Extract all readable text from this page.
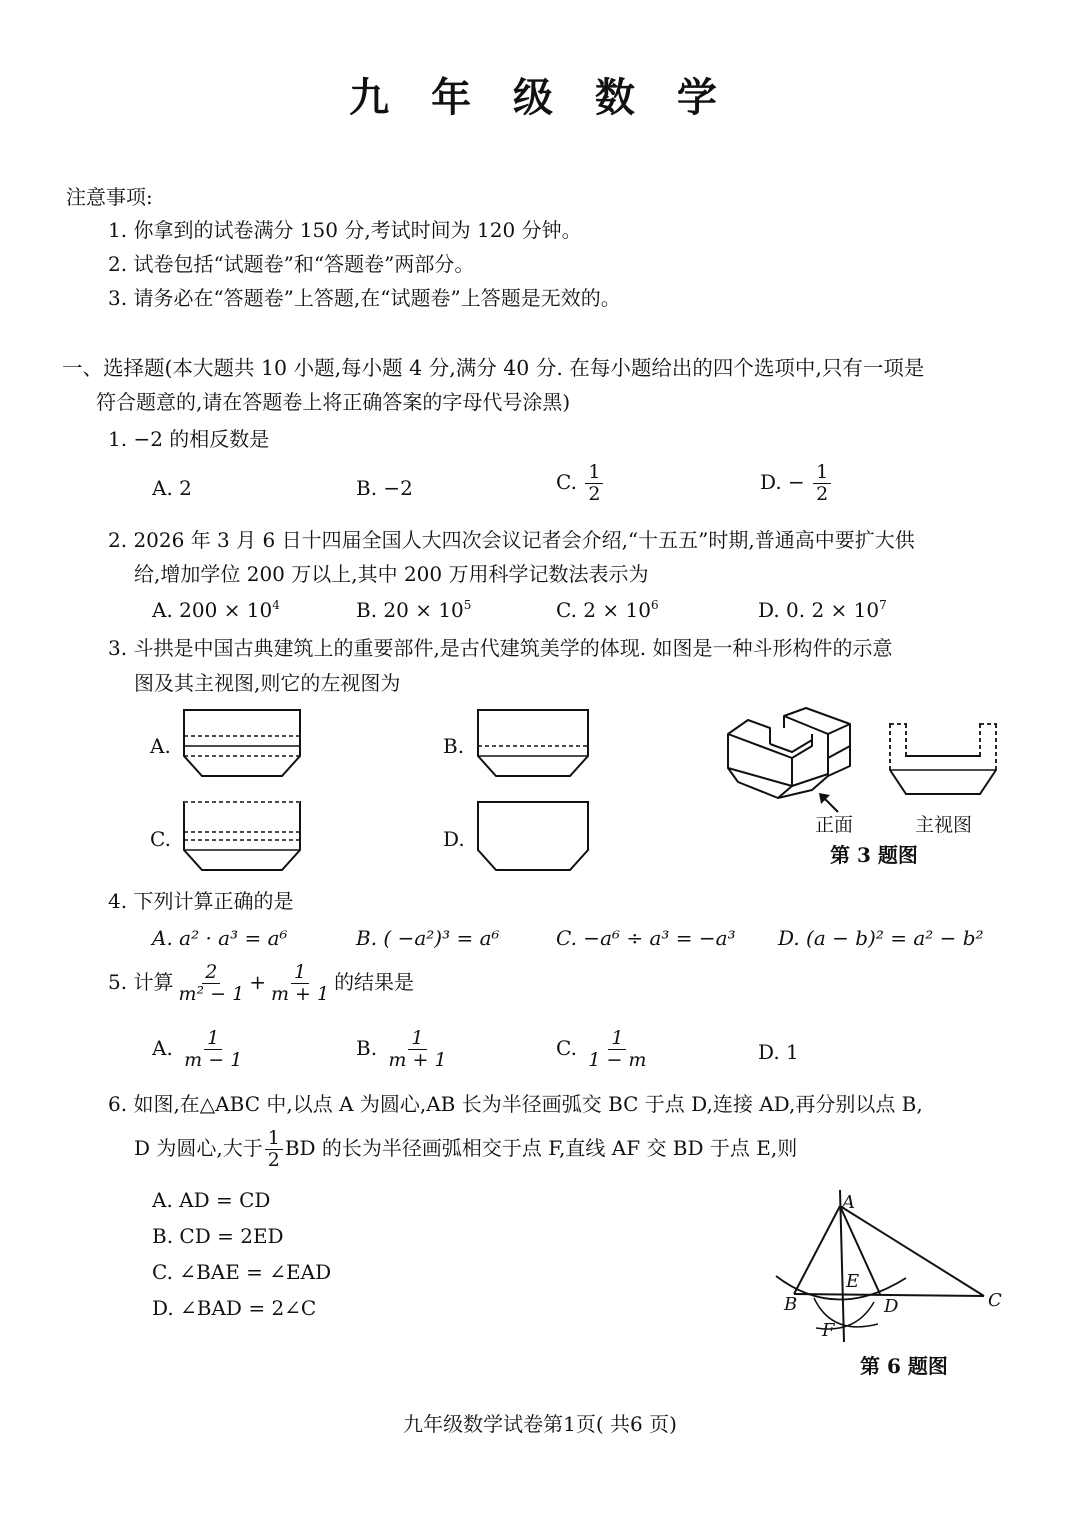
九 年 级 数 学
注意事项:
1. 你拿到的试卷满分 150 分,考试时间为 120 分钟。
2. 试卷包括“试题卷”和“答题卷”两部分。
3. 请务必在“答题卷”上答题,在“试题卷”上答题是无效的。
一、选择题(本大题共 10 小题,每小题 4 分,满分 40 分. 在每小题给出的四个选项中,只有一项是
符合题意的,请在答题卷上将正确答案的字母代号涂黑)
1. −2 的相反数是
A. 2	B. −2	C. $\frac{1}{2}$	D. − $\frac{1}{2}$
2. 2026 年 3 月 6 日十四届全国人大四次会议记者会介绍,“十五五”时期,普通高中要扩大供
给,增加学位 200 万以上,其中 200 万用科学记数法表示为
A. $200 \times 10^4$	B. $20 \times 10^5$	C. $2 \times 10^6$	D. 0. $2 \times 10^7$
3. 斗拱是中国古典建筑上的重要部件,是古代建筑美学的体现. 如图是一种斗形构件的示意
图及其主视图,则它的左视图为
A.	B.
C.	D.
正面	主视图
第 3 题图
4. 下列计算正确的是
A. a² · a³ = a⁶	B. ( −a²)³ = a⁶	C. −a⁶ ÷ a³ = −a³ D. (a − b)² = a² − b²
5. 计算 $\frac{2}{\text{m² − 1}} + \frac{1}{m + 1}$ 的结果是
A. $\frac{1}{m - 1}$	B. $\frac{1}{m + 1}$	C. $\frac{1}{1 - m}$	D. 1
6. 如图,在△ABC 中,以点 A 为圆心,AB 长为半径画弧交 BC 于点 D,连接 AD,再分别以点 B,
D 为圆心,大于 $\frac{1}{2}$ BD 的长为半径画弧相交于点 F,直线 AF 交 BD 于点 E,则
A. AD = CD
B. CD = 2ED
C. ∠BAE = ∠EAD
D. ∠BAD = 2∠C
A
B	C
D
E
F
第 6 题图
九年级数学试卷第1页( 共6 页)
